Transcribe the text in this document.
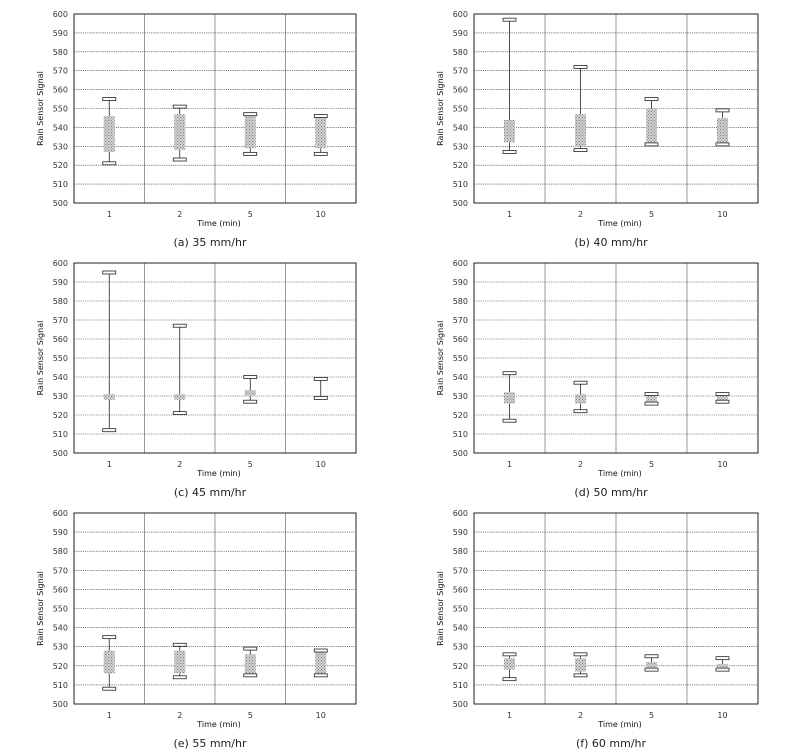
500
510
520
530
540
550
560
570
580
590
600
1	2	5	10
Time (min)
Rain Sensor Signal
(a) 35 mm/hr
500
510
520
530
540
550
560
570
580
590
600
1	2	5	10
Time (min)
Rain Sensor Signal
(b) 40 mm/hr
500
510
520
530
540
550
560
570
580
590
600
1	2	5	10
Time (min)
Rain Sensor Signal
(c) 45 mm/hr
500
510
520
530
540
550
560
570
580
590
600
1	2	5	10
Time (min)
Rain Sensor Signal
(d) 50 mm/hr
500
510
520
530
540
550
560
570
580
590
600
1	2	5	10
Time (min)
Rain Sensor Signal
(e) 55 mm/hr
500
510
520
530
540
550
560
570
580
590
600
1	2	5	10
Time (min)
Rain Sensor Signal
(f) 60 mm/hr
